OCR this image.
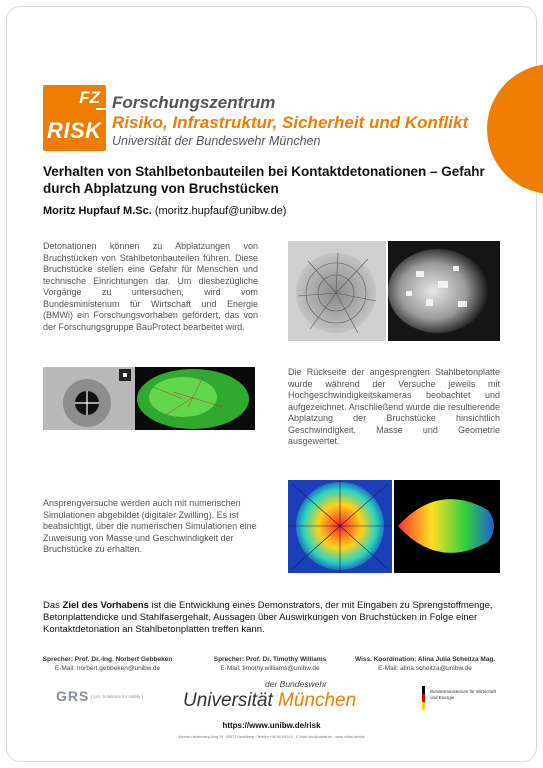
FZ
RISK
Forschungszentrum
Risiko, Infrastruktur, Sicherheit und Konflikt
Universität der Bundeswehr München
Verhalten von Stahlbetonbauteilen bei Kontaktdetonationen – Gefahr durch Abplatzung von Bruchstücken
Moritz Hupfauf M.Sc. (moritz.hupfauf@unibw.de)
Detonationen können zu Abplatzungen von Bruchstücken von Stahlbetonbauteilen führen. Diese Bruchstücke stellen eine Gefahr für Menschen und technische Einrichtungen dar. Um diesbezügliche Vorgänge zu untersuchen, wird vom Bundesministerium für Wirtschaft und Energie (BMWi) ein Forschungsvorhaben gefördert, das von der Forschungsgruppe BauProtect bearbeitet wird.
Die Rückseite der angesprengten Stahlbetonplatte wurde während der Versuche jeweils mit Hochgeschwindigkeitskameras beobachtet und aufgezeichnet. Anschließend wurde die resultierende Abplatzung der Bruchstücke hinsichtlich Geschwindigkeit, Masse und Geometrie ausgewertet.
Ansprengversuche werden auch mit numerischen Simulationen abgebildet (digitaler Zwilling). Es ist beabsichtigt, über die numerischen Simulationen eine Zuweisung von Masse und Geschwindigkeit der Bruchstücke zu erhalten.
Das Ziel des Vorhabens ist die Entwicklung eines Demonstrators, der mit Eingaben zu Sprengstoffmenge, Betonplattendicke und Stahlfasergehalt, Aussagen über Auswirkungen von Bruchstücken in Folge einer Kontaktdetonation an Stahlbetonplatten treffen kann.
Sprecher: Prof. Dr.-Ing. Norbert Gebbeken
E-Mail: norbert.gebbeken@unibw.de
Sprecher: Prof. Dr. Timothy Williams
E-Mail: timothy.williams@unibw.de
Wiss. Koordination: Alina Julia Scheitza Mag.
E-Mail: alina.scheitza@unibw.de
GRS [ Lrs. Solutions for safety ]
der Bundeswehr
Universität München	Bundesministerium für Wirtschaft und Energie
https://www.unibw.de/risk
Werner-Heisenberg-Weg 39 · 85577 Neubiberg · Telefon +49 89 6004-0 · E-Mail: info@unibw.de · www.unibw.de/risk
